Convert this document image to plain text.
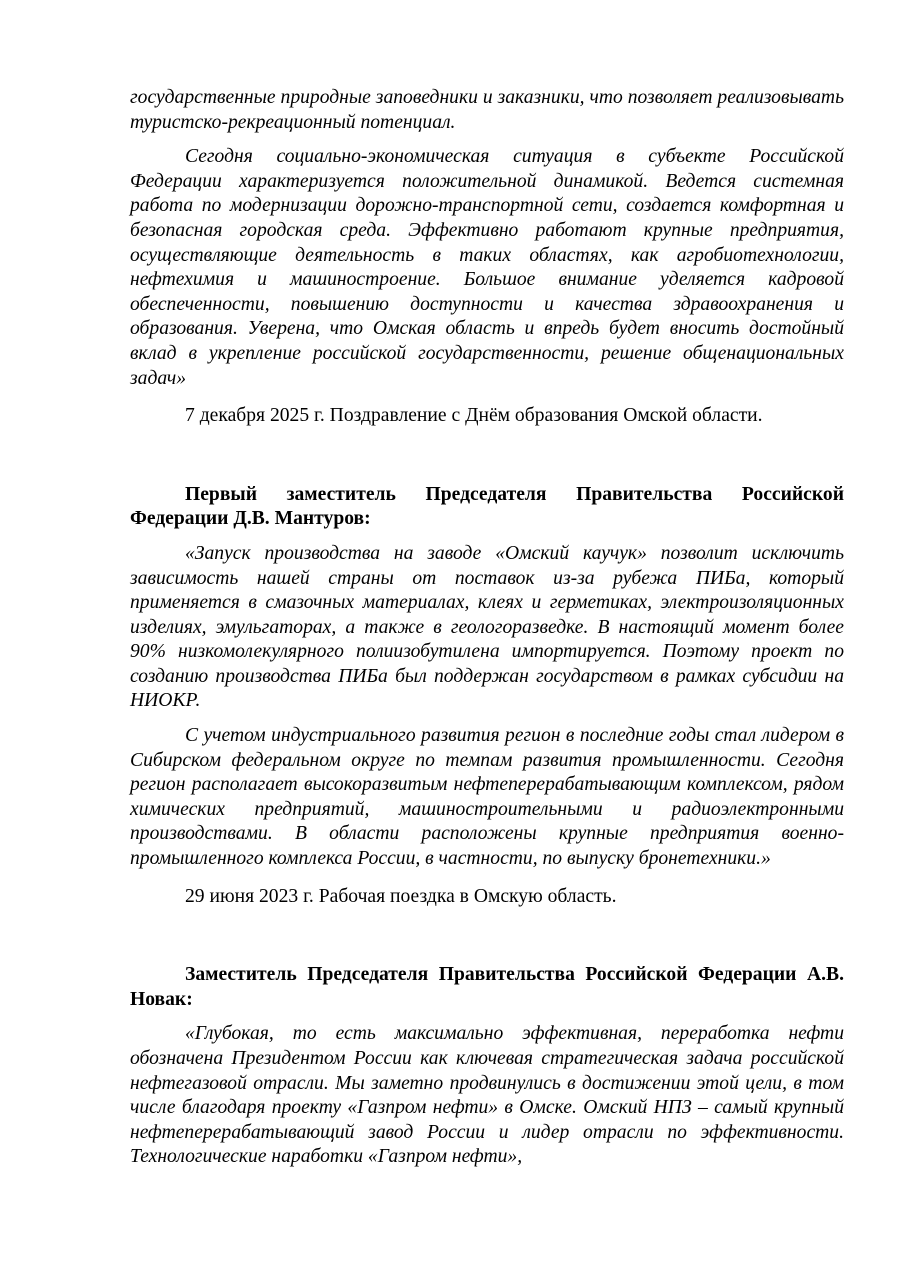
государственные природные заповедники и заказники, что позволяет реализовывать туристско-рекреационный потенциал.

Сегодня социально-экономическая ситуация в субъекте Российской Федерации характеризуется положительной динамикой. Ведется системная работа по модернизации дорожно-транспортной сети, создается комфортная и безопасная городская среда. Эффективно работают крупные предприятия, осуществляющие деятельность в таких областях, как агробиотехнологии, нефтехимия и машиностроение. Большое внимание уделяется кадровой обеспеченности, повышению доступности и качества здравоохранения и образования. Уверена, что Омская область и впредь будет вносить достойный вклад в укрепление российской государственности, решение общенациональных задач»

7 декабря 2025 г. Поздравление с Днём образования Омской области.

Первый заместитель Председателя Правительства Российской Федерации Д.В. Мантуров:

«Запуск производства на заводе «Омский каучук» позволит исключить зависимость нашей страны от поставок из-за рубежа ПИБа, который применяется в смазочных материалах, клеях и герметиках, электроизоляционных изделиях, эмульгаторах, а также в геологоразведке. В настоящий момент более 90% низкомолекулярного полиизобутилена импортируется. Поэтому проект по созданию производства ПИБа был поддержан государством в рамках субсидии на НИОКР.

С учетом индустриального развития регион в последние годы стал лидером в Сибирском федеральном округе по темпам развития промышленности. Сегодня регион располагает высокоразвитым нефтеперерабатывающим комплексом, рядом химических предприятий, машиностроительными и радиоэлектронными производствами. В области расположены крупные предприятия военно-промышленного комплекса России, в частности, по выпуску бронетехники.»

29 июня 2023 г. Рабочая поездка в Омскую область.

Заместитель Председателя Правительства Российской Федерации А.В. Новак:

«Глубокая, то есть максимально эффективная, переработка нефти обозначена Президентом России как ключевая стратегическая задача российской нефтегазовой отрасли. Мы заметно продвинулись в достижении этой цели, в том числе благодаря проекту «Газпром нефти» в Омске. Омский НПЗ – самый крупный нефтеперерабатывающий завод России и лидер отрасли по эффективности. Технологические наработки «Газпром нефти»,
